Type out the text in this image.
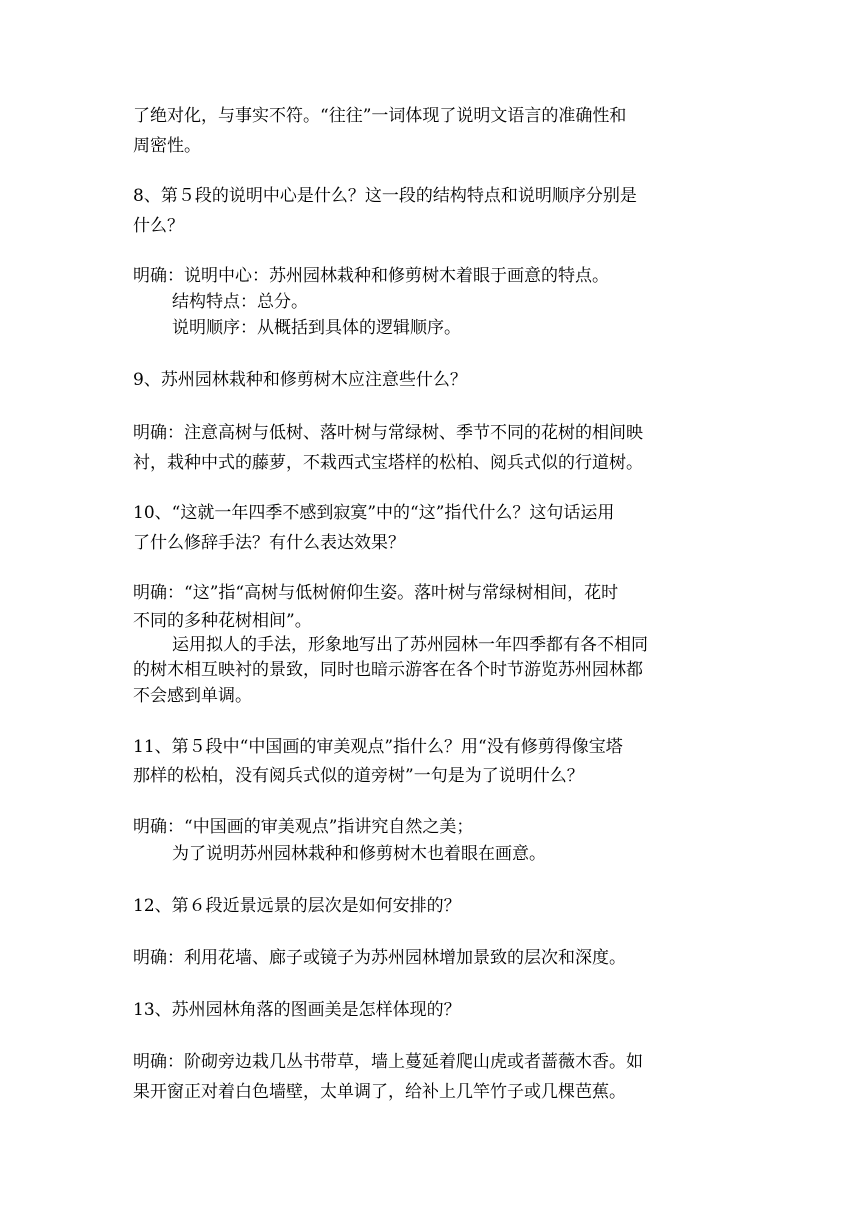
了绝对化，与事实不符。“往往”一词体现了说明文语言的准确性和
周密性。
8、第５段的说明中心是什么？这一段的结构特点和说明顺序分别是
什么？
明确：说明中心：苏州园林栽种和修剪树木着眼于画意的特点。
结构特点：总分。
说明顺序：从概括到具体的逻辑顺序。
9、苏州园林栽种和修剪树木应注意些什么？
明确：注意高树与低树、落叶树与常绿树、季节不同的花树的相间映
衬，栽种中式的藤萝，不栽西式宝塔样的松柏、阅兵式似的行道树。
10、“这就一年四季不感到寂寞”中的“这”指代什么？这句话运用
了什么修辞手法？有什么表达效果？
明确：“这”指“高树与低树俯仰生姿。落叶树与常绿树相间，花时
不同的多种花树相间”。
运用拟人的手法，形象地写出了苏州园林一年四季都有各不相同
的树木相互映衬的景致，同时也暗示游客在各个时节游览苏州园林都
不会感到单调。
11、第５段中“中国画的审美观点”指什么？用“没有修剪得像宝塔
那样的松柏，没有阅兵式似的道旁树”一句是为了说明什么？
明确：“中国画的审美观点”指讲究自然之美；
为了说明苏州园林栽种和修剪树木也着眼在画意。
12、第６段近景远景的层次是如何安排的？
明确：利用花墙、廊子或镜子为苏州园林增加景致的层次和深度。
13、苏州园林角落的图画美是怎样体现的？
明确：阶砌旁边栽几丛书带草，墙上蔓延着爬山虎或者蔷薇木香。如
果开窗正对着白色墙壁，太单调了，给补上几竿竹子或几棵芭蕉。
